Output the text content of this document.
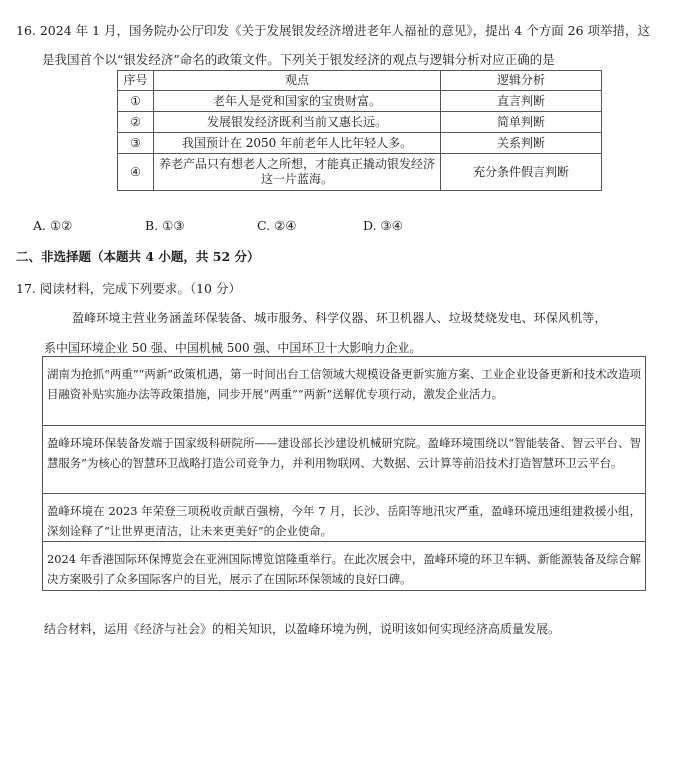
16. 2024 年 1 月，国务院办公厅印发《关于发展银发经济增进老年人福祉的意见》，提出 4 个方面 26 项举措，这
是我国首个以“银发经济”命名的政策文件。下列关于银发经济的观点与逻辑分析对应正确的是
序号	观点	逻辑分析
①	老年人是党和国家的宝贵财富。	直言判断
②	发展银发经济既利当前又惠长远。	简单判断
③	我国预计在 2050 年前老年人比年轻人多。	关系判断
④	养老产品只有想老人之所想，才能真正撬动银发经济这一片蓝海。	充分条件假言判断
A. ①②	B. ①③	C. ②④	D. ③④
二、非选择题（本题共 4 小题，共 52 分）
17. 阅读材料，完成下列要求。（10 分）
盈峰环境主营业务涵盖环保装备、城市服务、科学仪器、环卫机器人、垃圾焚烧发电、环保风机等，
系中国环境企业 50 强、中国机械 500 强、中国环卫十大影响力企业。
湖南为抢抓“两重”“两新”政策机遇，第一时间出台工信领域大规模设备更新实施方案、工业企业设备更新和技术改造项目融资补贴实施办法等政策措施，同步开展“两重”“两新”送解优专项行动，激发企业活力。
盈峰环境环保装备发端于国家级科研院所——建设部长沙建设机械研究院。盈峰环境围绕以“智能装备、智云平台、智慧服务”为核心的智慧环卫战略打造公司竞争力，并利用物联网、大数据、云计算等前沿技术打造智慧环卫云平台。
盈峰环境在 2023 年荣登三项税收贡献百强榜，今年 7 月，长沙、岳阳等地汛灾严重，盈峰环境迅速组建救援小组，深刻诠释了“让世界更清洁，让未来更美好”的企业使命。
2024 年香港国际环保博览会在亚洲国际博览馆隆重举行。在此次展会中，盈峰环境的环卫车辆、新能源装备及综合解决方案吸引了众多国际客户的目光，展示了在国际环保领域的良好口碑。
结合材料，运用《经济与社会》的相关知识，以盈峰环境为例，说明该如何实现经济高质量发展。
